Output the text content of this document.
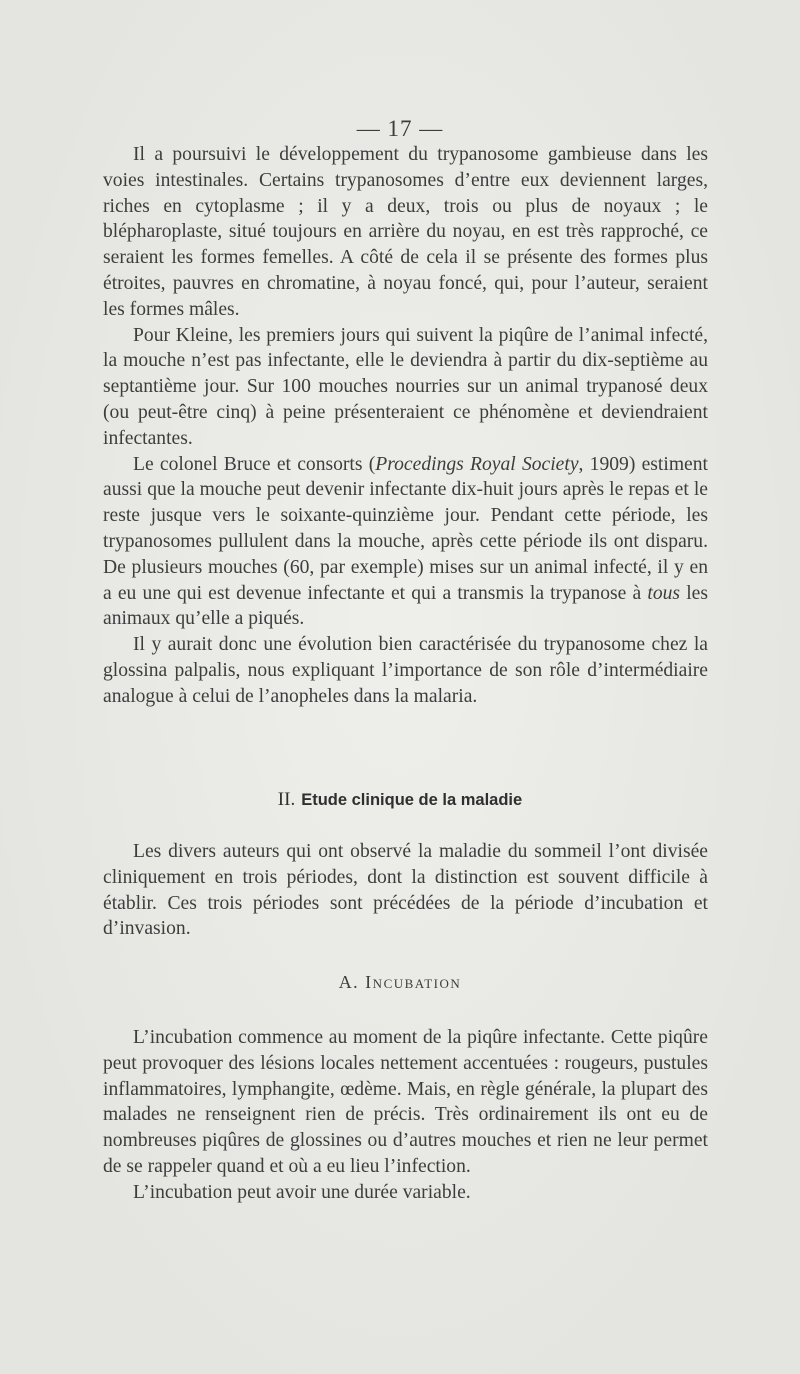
— 17 —

Il a poursuivi le développement du trypanosome gambieuse dans les voies intestinales. Certains trypanosomes d’entre eux deviennent larges, riches en cytoplasme ; il y a deux, trois ou plus de noyaux ; le blépharoplaste, situé toujours en arrière du noyau, en est très rapproché, ce seraient les formes femelles. A côté de cela il se présente des formes plus étroites, pauvres en chromatine, à noyau foncé, qui, pour l’auteur, seraient les formes mâles.

Pour Kleine, les premiers jours qui suivent la piqûre de l’animal infecté, la mouche n’est pas infectante, elle le deviendra à partir du dix-septième au septantième jour. Sur 100 mouches nourries sur un animal trypanosé deux (ou peut-être cinq) à peine présenteraient ce phénomène et deviendraient infectantes.

Le colonel Bruce et consorts (Procedings Royal Society, 1909) estiment aussi que la mouche peut devenir infectante dix-huit jours après le repas et le reste jusque vers le soixante-quinzième jour. Pendant cette période, les trypanosomes pullulent dans la mouche, après cette période ils ont disparu. De plusieurs mouches (60, par exemple) mises sur un animal infecté, il y en a eu une qui est devenue infectante et qui a transmis la trypanose à tous les animaux qu’elle a piqués.

Il y aurait donc une évolution bien caractérisée du trypanosome chez la glossina palpalis, nous expliquant l’importance de son rôle d’intermédiaire analogue à celui de l’anopheles dans la malaria.

II. Etude clinique de la maladie

Les divers auteurs qui ont observé la maladie du sommeil l’ont divisée cliniquement en trois périodes, dont la distinction est souvent difficile à établir. Ces trois périodes sont précédées de la période d’incubation et d’invasion.

A. Incubation

L’incubation commence au moment de la piqûre infectante. Cette piqûre peut provoquer des lésions locales nettement accentuées : rougeurs, pustules inflammatoires, lymphangite, œdème. Mais, en règle générale, la plupart des malades ne renseignent rien de précis. Très ordinairement ils ont eu de nombreuses piqûres de glossines ou d’autres mouches et rien ne leur permet de se rappeler quand et où a eu lieu l’infection.

L’incubation peut avoir une durée variable.
